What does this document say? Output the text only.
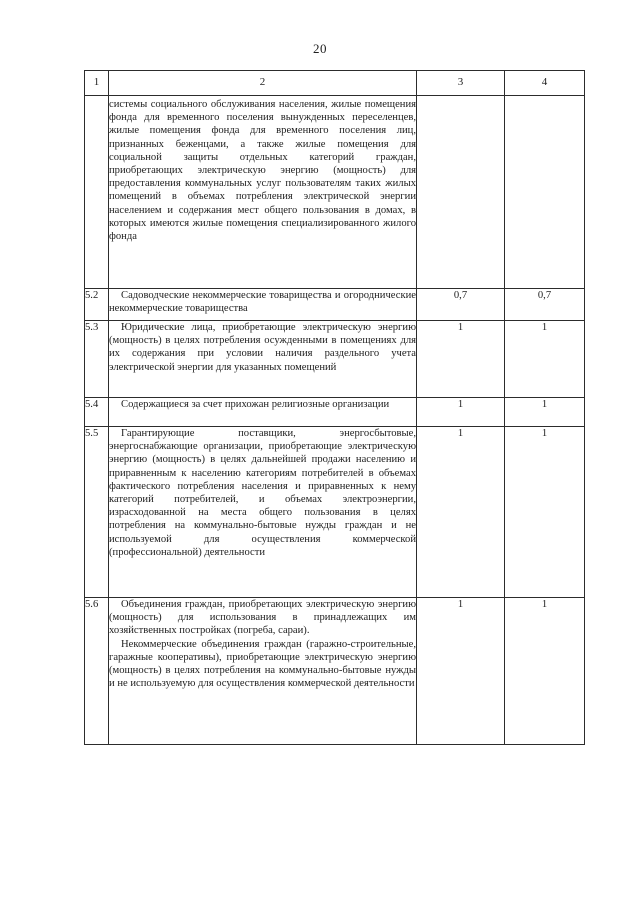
20
1	2	3	4

	системы социального обслуживания населения, жилые помещения фонда для временного поселения вынужденных переселенцев, жилые помещения фонда для временного поселения лиц, признанных беженцами, а также жилые помещения для социальной защиты отдельных категорий граждан, приобретающих электрическую энергию (мощность) для предоставления коммунальных услуг пользователям таких жилых помещений в объемах потребления электрической энергии населением и содержания мест общего пользования в домах, в которых имеются жилые помещения специализированного жилого фонда		

5.2	Садоводческие некоммерческие товарищества и огороднические некоммерческие товарищества	0,7	0,7
5.3	Юридические лица, приобретающие электрическую энергию (мощность) в целях потребления осужденными в помещениях для их содержания при условии наличия раздельного учета электрической энергии для указанных помещений	1	1
5.4	Содержащиеся за счет прихожан религиозные организации	1	1
5.5	Гарантирующие поставщики, энергосбытовые, энергоснабжающие организации, приобретающие электрическую энергию (мощность) в целях дальнейшей продажи населению и приравненным к населению категориям потребителей в объемах фактического потребления населения и приравненных к нему категорий потребителей, и объемах электроэнергии, израсходованной на места общего пользования в целях потребления на коммунально-бытовые нужды граждан и не используемой для осуществления коммерческой (профессиональной) деятельности	1	1
5.6	Объединения граждан, приобретающих электрическую энергию (мощность) для использования в принадлежащих им хозяйственных постройках (погреба, сараи).

Некоммерческие объединения граждан (гаражно-строительные, гаражные кооперативы), приобретающие электрическую энергию (мощность) в целях потребления на коммунально-бытовые нужды и не используемую для осуществления коммерческой деятельности	1	1
